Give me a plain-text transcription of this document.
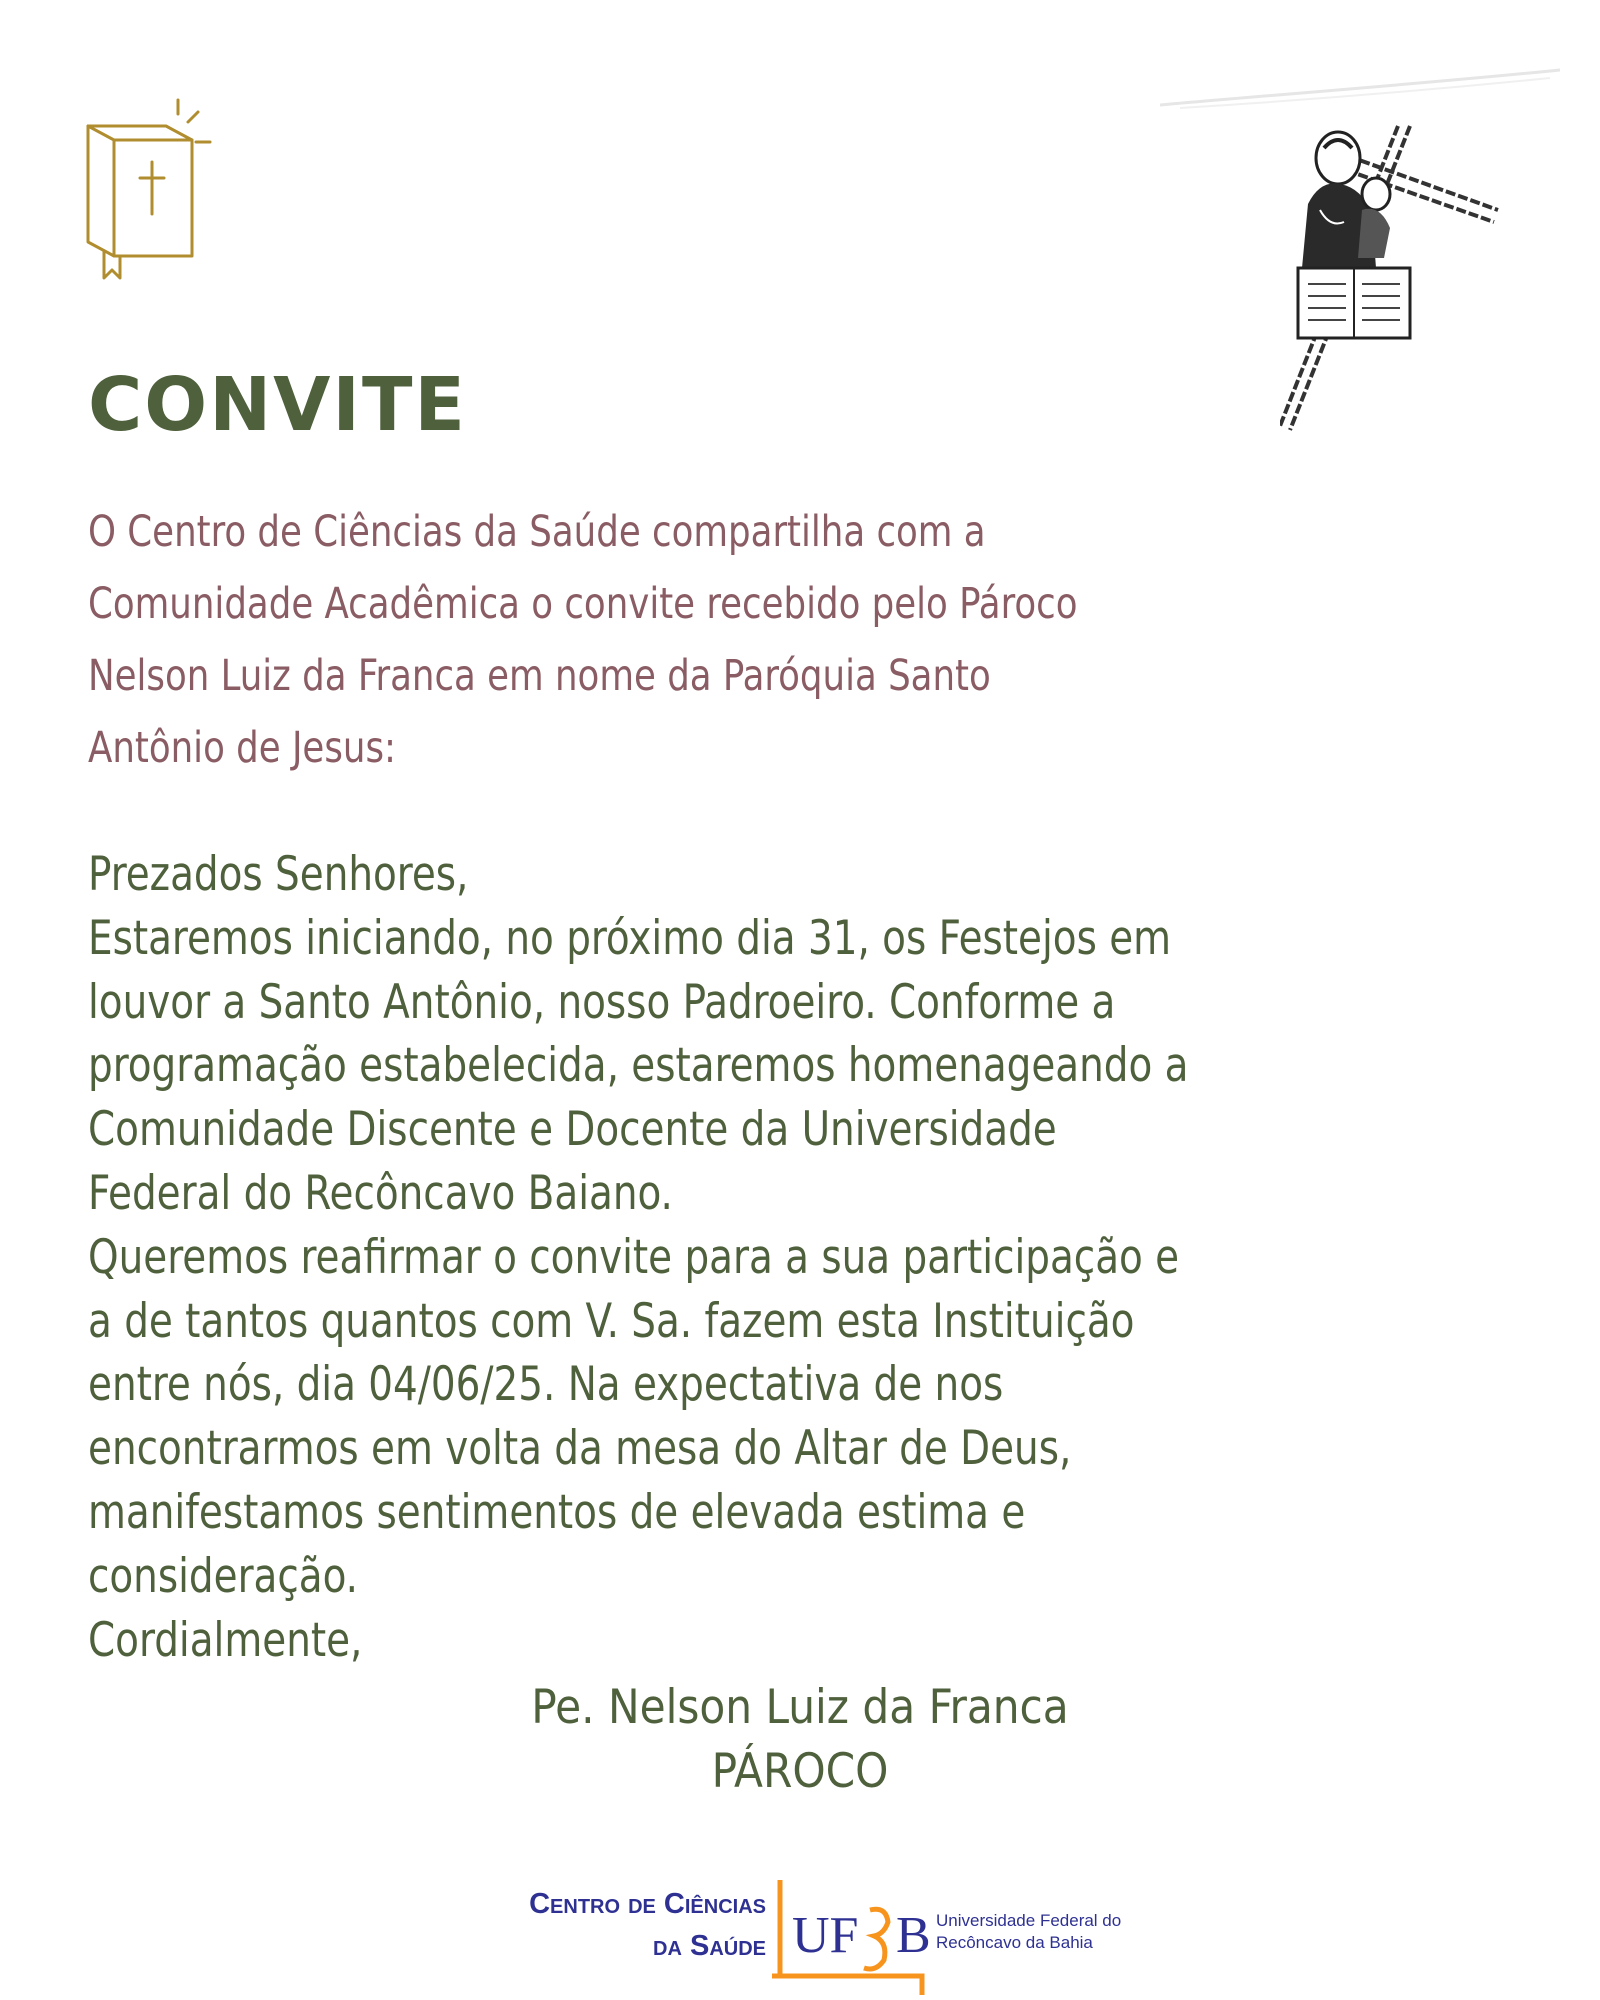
CONVITE
O Centro de Ciências da Saúde compartilha com a
Comunidade Acadêmica o convite recebido pelo Pároco
Nelson Luiz da Franca em nome da Paróquia Santo
Antônio de Jesus:
Prezados Senhores,
Estaremos iniciando, no próximo dia 31, os Festejos em
louvor a Santo Antônio, nosso Padroeiro. Conforme a
programação estabelecida, estaremos homenageando a
Comunidade Discente e Docente da Universidade
Federal do Recôncavo Baiano.
Queremos reafirmar o convite para a sua participação e
a de tantos quantos com V. Sa. fazem esta Instituição
entre nós, dia 04/06/25. Na expectativa de nos
encontrarmos em volta da mesa do Altar de Deus,
manifestamos sentimentos de elevada estima e
consideração.
Cordialmente,
Pe. Nelson Luiz da Franca
PÁROCO
Centro de Ciências
da Saúde UF B Universidade Federal do
Recôncavo da Bahia
